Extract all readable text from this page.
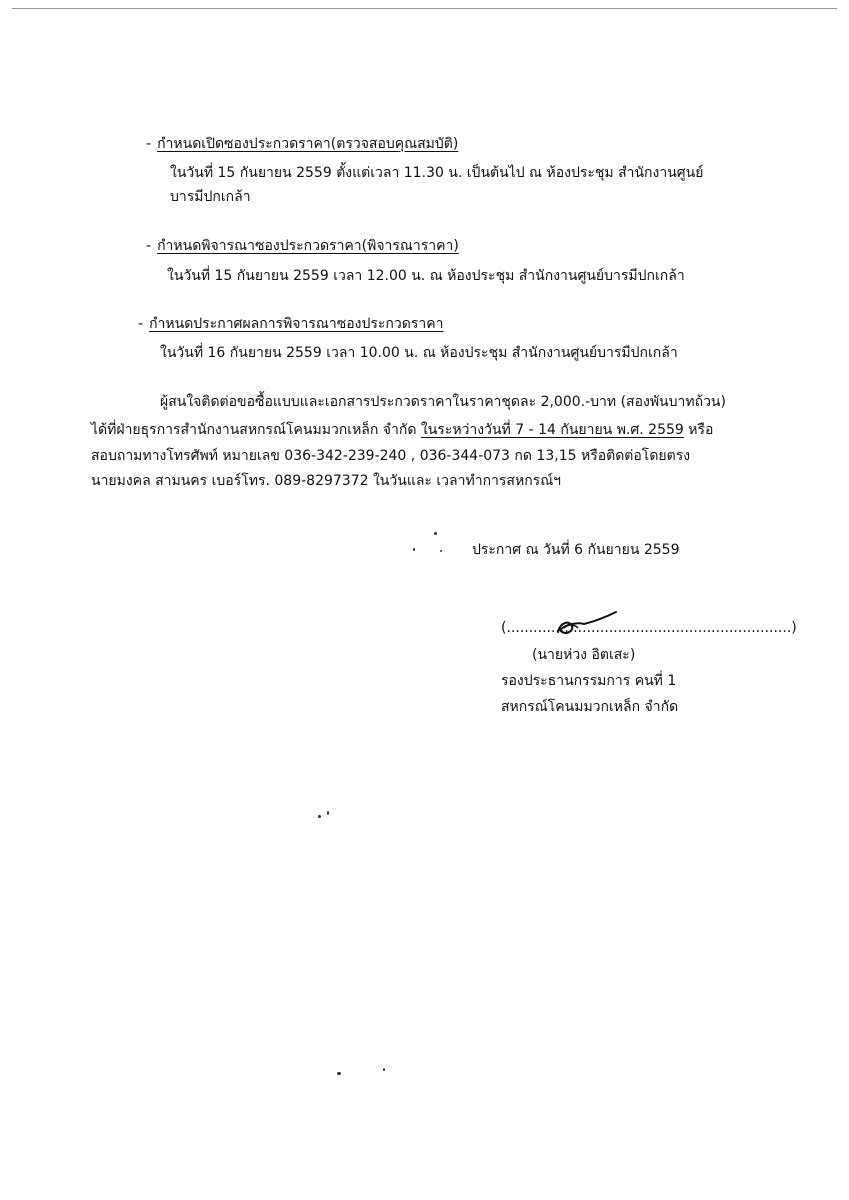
- กำหนดเปิดซองประกวดราคา(ตรวจสอบคุณสมบัติ)
ในวันที่ 15 กันยายน 2559 ตั้งแต่เวลา 11.30 น. เป็นต้นไป ณ ห้องประชุม สำนักงานศูนย์
บารมีปกเกล้า
- กำหนดพิจารณาซองประกวดราคา(พิจารณาราคา)
ในวันที่ 15 กันยายน 2559 เวลา 12.00 น. ณ ห้องประชุม สำนักงานศูนย์บารมีปกเกล้า
- กำหนดประกาศผลการพิจารณาซองประกวดราคา
ในวันที่ 16 กันยายน 2559 เวลา 10.00 น. ณ ห้องประชุม สำนักงานศูนย์บารมีปกเกล้า
ผู้สนใจติดต่อขอซื้อแบบและเอกสารประกวดราคาในราคาชุดละ 2,000.-บาท (สองพันบาทถ้วน)
ได้ที่ฝ่ายธุรการสำนักงานสหกรณ์โคนมมวกเหล็ก จำกัด ในระหว่างวันที่ 7 - 14 กันยายน พ.ศ. 2559 หรือ
สอบถามทางโทรศัพท์ หมายเลข 036-342-239-240 , 036-344-073 กด 13,15 หรือติดต่อโดยตรง
นายมงคล สามนคร เบอร์โทร. 089-8297372 ในวันและ เวลาทำการสหกรณ์ฯ
ประกาศ ณ วันที่ 6 กันยายน 2559
(................................................................)
(นายห่วง อิตเสะ)
รองประธานกรรมการ คนที่ 1
สหกรณ์โคนมมวกเหล็ก จำกัด
